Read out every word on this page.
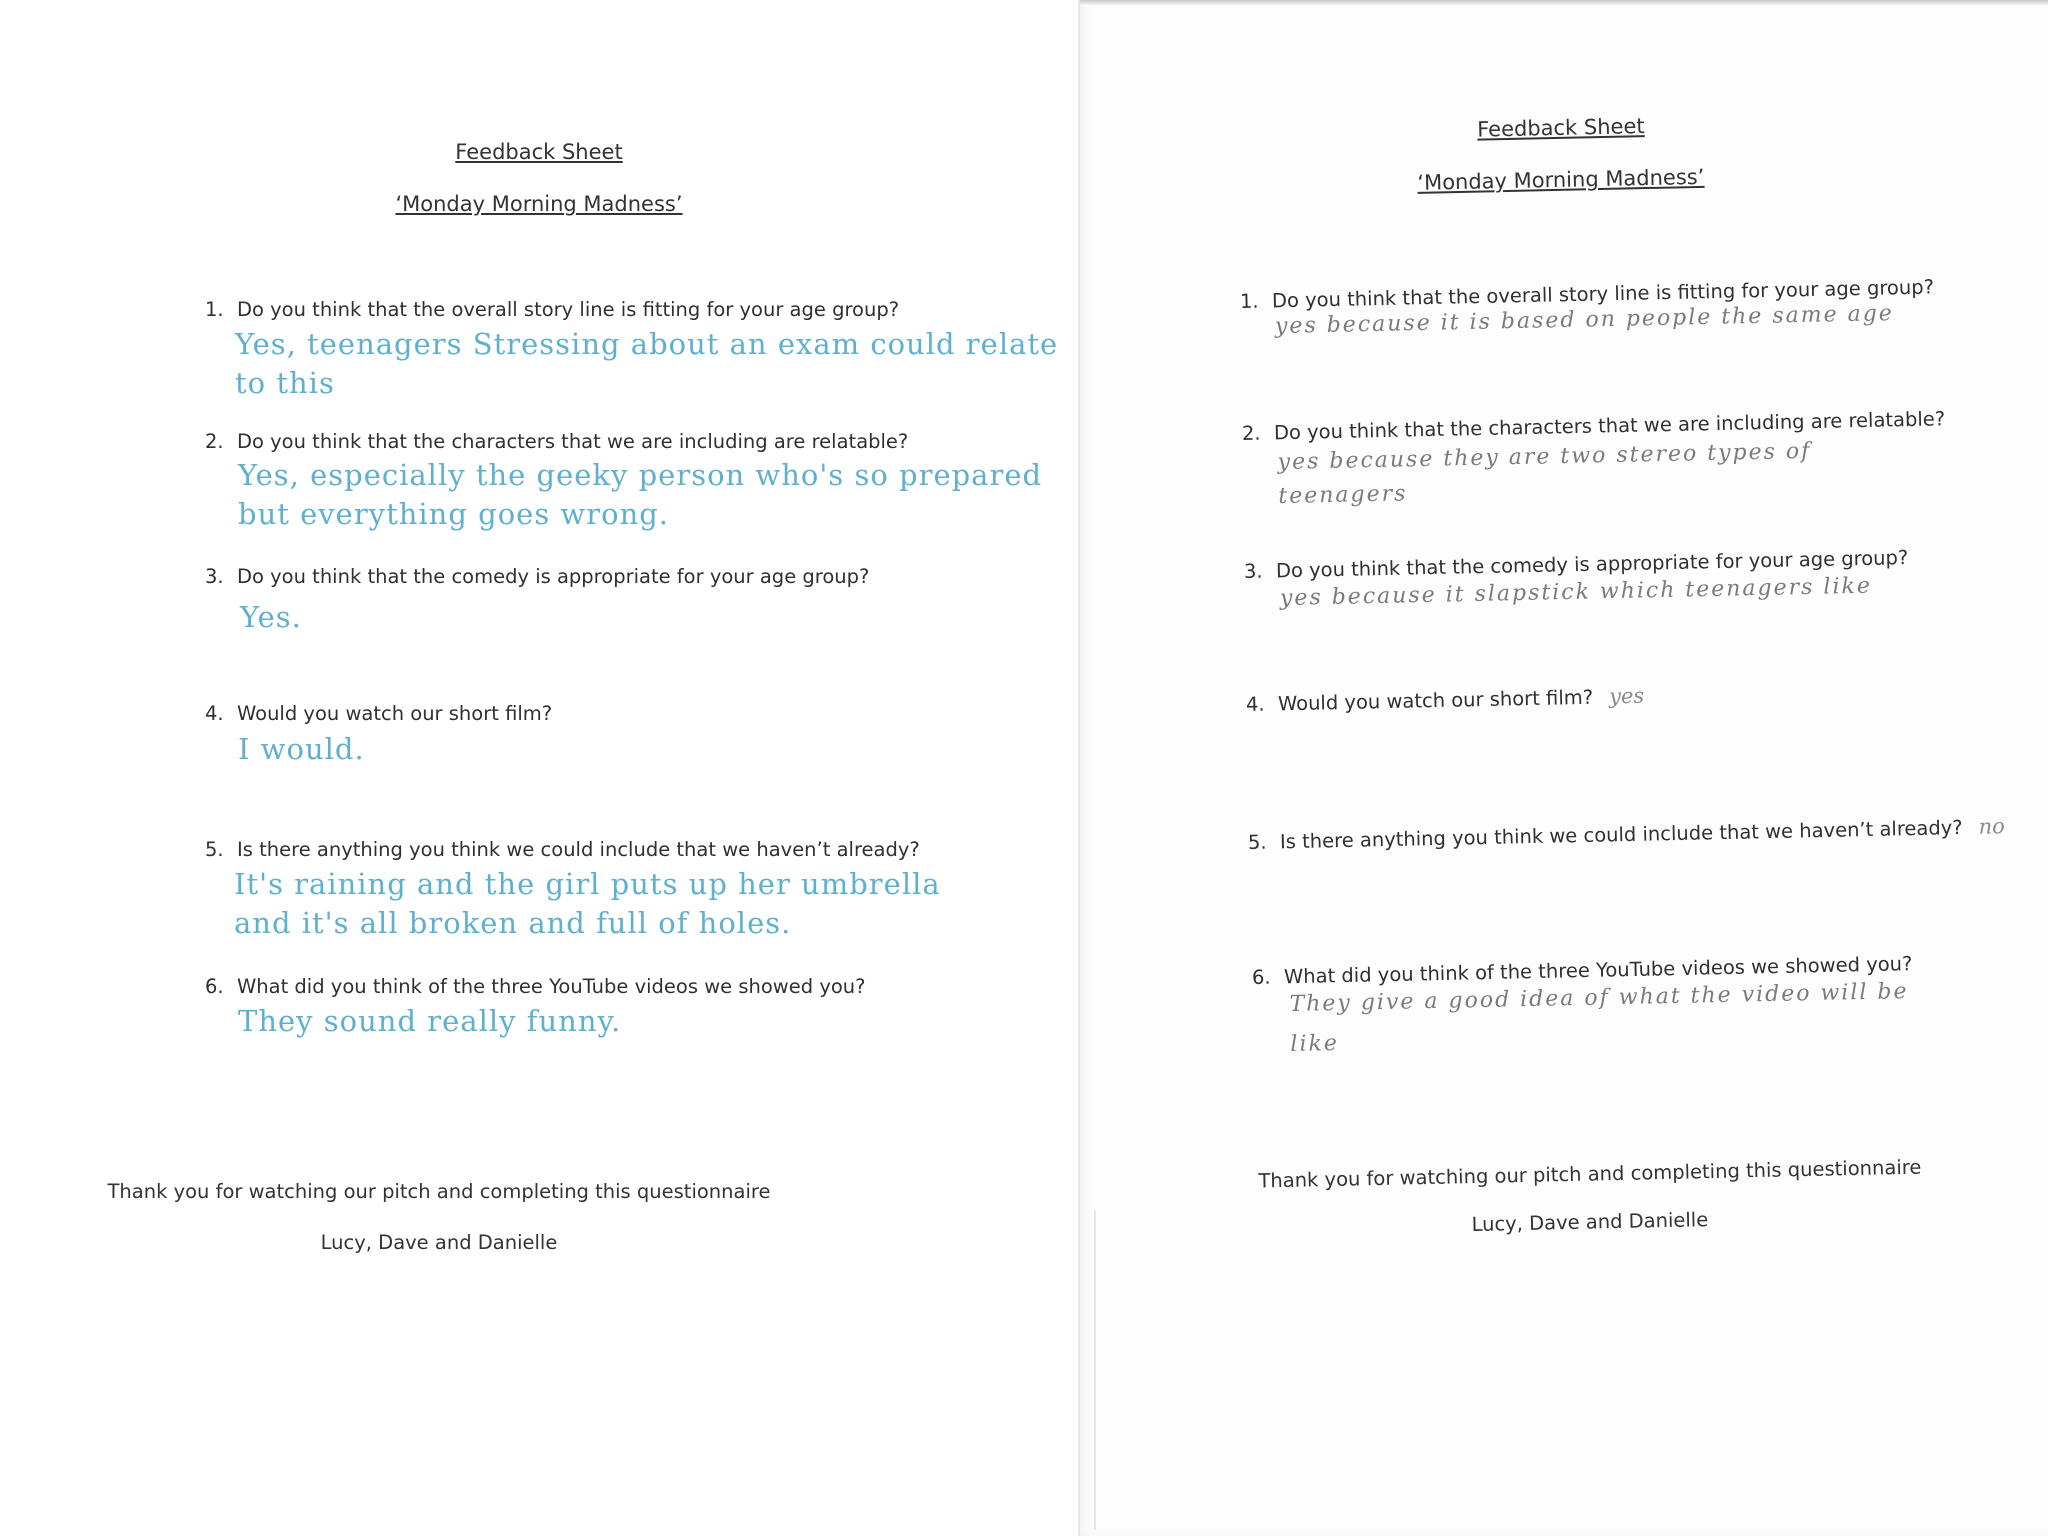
Feedback Sheet
‘Monday Morning Madness’
1. Do you think that the overall story line is fitting for your age group?
Yes, teenagers Stressing about an exam could relate
to this
2. Do you think that the characters that we are including are relatable?
Yes, especially the geeky person who's so prepared
but everything goes wrong.
3. Do you think that the comedy is appropriate for your age group?
Yes.
4. Would you watch our short film?
I would.
5. Is there anything you think we could include that we haven’t already?
It's raining and the girl puts up her umbrella
and it's all broken and full of holes.
6. What did you think of the three YouTube videos we showed you?
They sound really funny.
Thank you for watching our pitch and completing this questionnaire
Lucy, Dave and Danielle
Feedback Sheet
‘Monday Morning Madness’
1. Do you think that the overall story line is fitting for your age group?
yes because it is based on people the same age
2. Do you think that the characters that we are including are relatable?
yes because they are two stereo types of
teenagers
3. Do you think that the comedy is appropriate for your age group?
yes because it slapstick which teenagers like
4. Would you watch our short film? yes
5. Is there anything you think we could include that we haven’t already? no
6. What did you think of the three YouTube videos we showed you?
They give a good idea of what the video will be
like
Thank you for watching our pitch and completing this questionnaire
Lucy, Dave and Danielle
